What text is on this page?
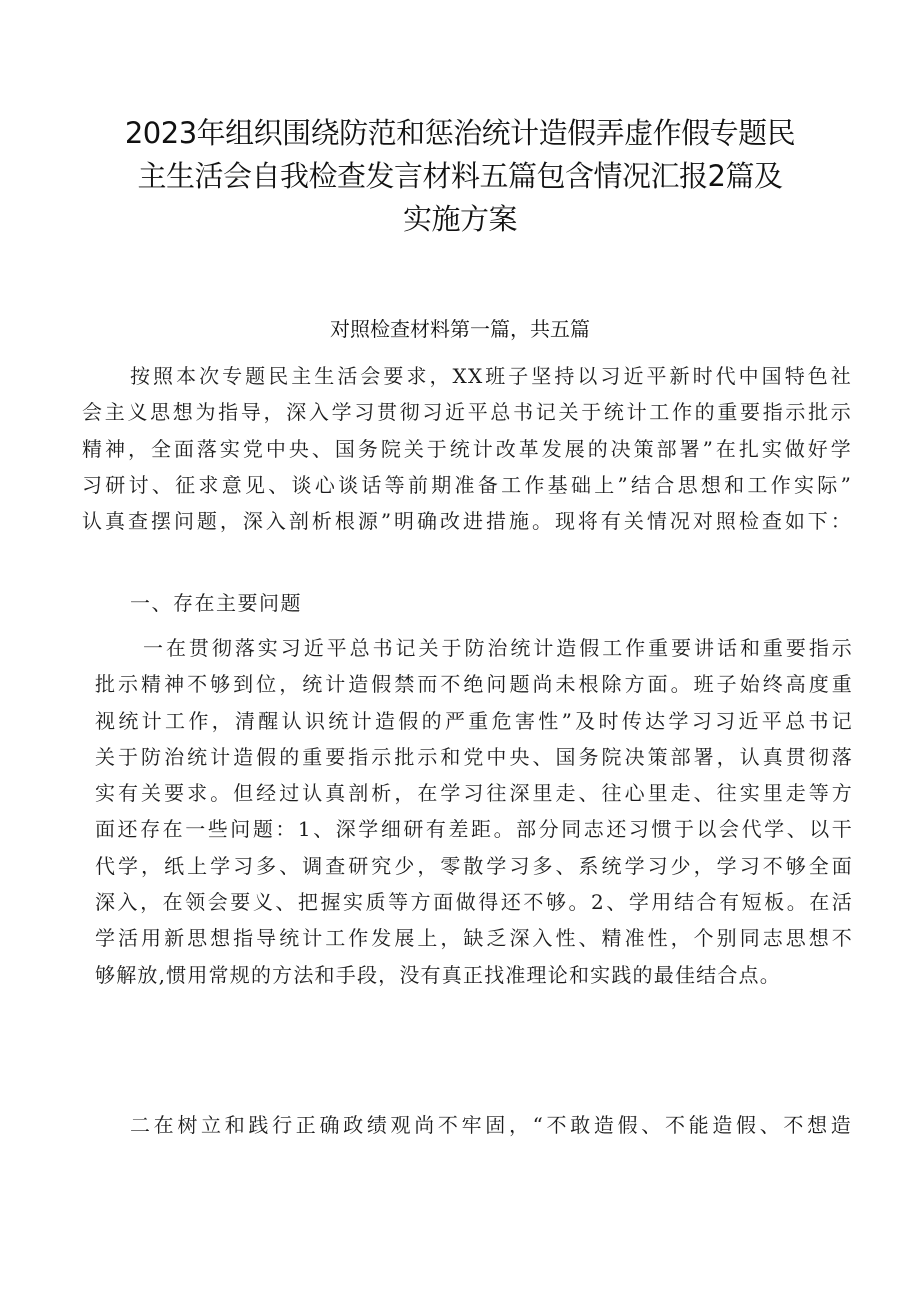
2023年组织围绕防范和惩治统计造假弄虚作假专题民
主生活会自我检查发言材料五篇包含情况汇报2篇及
实施方案
对照检查材料第一篇，共五篇
按照本次专题民主生活会要求，XX班子坚持以习近平新时代中国特色社
会主义思想为指导，深入学习贯彻习近平总书记关于统计工作的重要指示批示
精神，全面落实党中央、国务院关于统计改革发展的决策部署”在扎实做好学
习研讨、征求意见、谈心谈话等前期准备工作基础上”结合思想和工作实际”
认真查摆问题，深入剖析根源”明确改进措施。现将有关情况对照检查如下：
一、存在主要问题
一在贯彻落实习近平总书记关于防治统计造假工作重要讲话和重要指示
批示精神不够到位，统计造假禁而不绝问题尚未根除方面。班子始终高度重
视统计工作，清醒认识统计造假的严重危害性”及时传达学习习近平总书记
关于防治统计造假的重要指示批示和党中央、国务院决策部署，认真贯彻落
实有关要求。但经过认真剖析，在学习往深里走、往心里走、往实里走等方
面还存在一些问题：1、深学细研有差距。部分同志还习惯于以会代学、以干
代学，纸上学习多、调查研究少，零散学习多、系统学习少，学习不够全面
深入，在领会要义、把握实质等方面做得还不够。2、学用结合有短板。在活
学活用新思想指导统计工作发展上，缺乏深入性、精准性，个别同志思想不
够解放,惯用常规的方法和手段，没有真正找准理论和实践的最佳结合点。
二在树立和践行正确政绩观尚不牢固，“不敢造假、不能造假、不想造
